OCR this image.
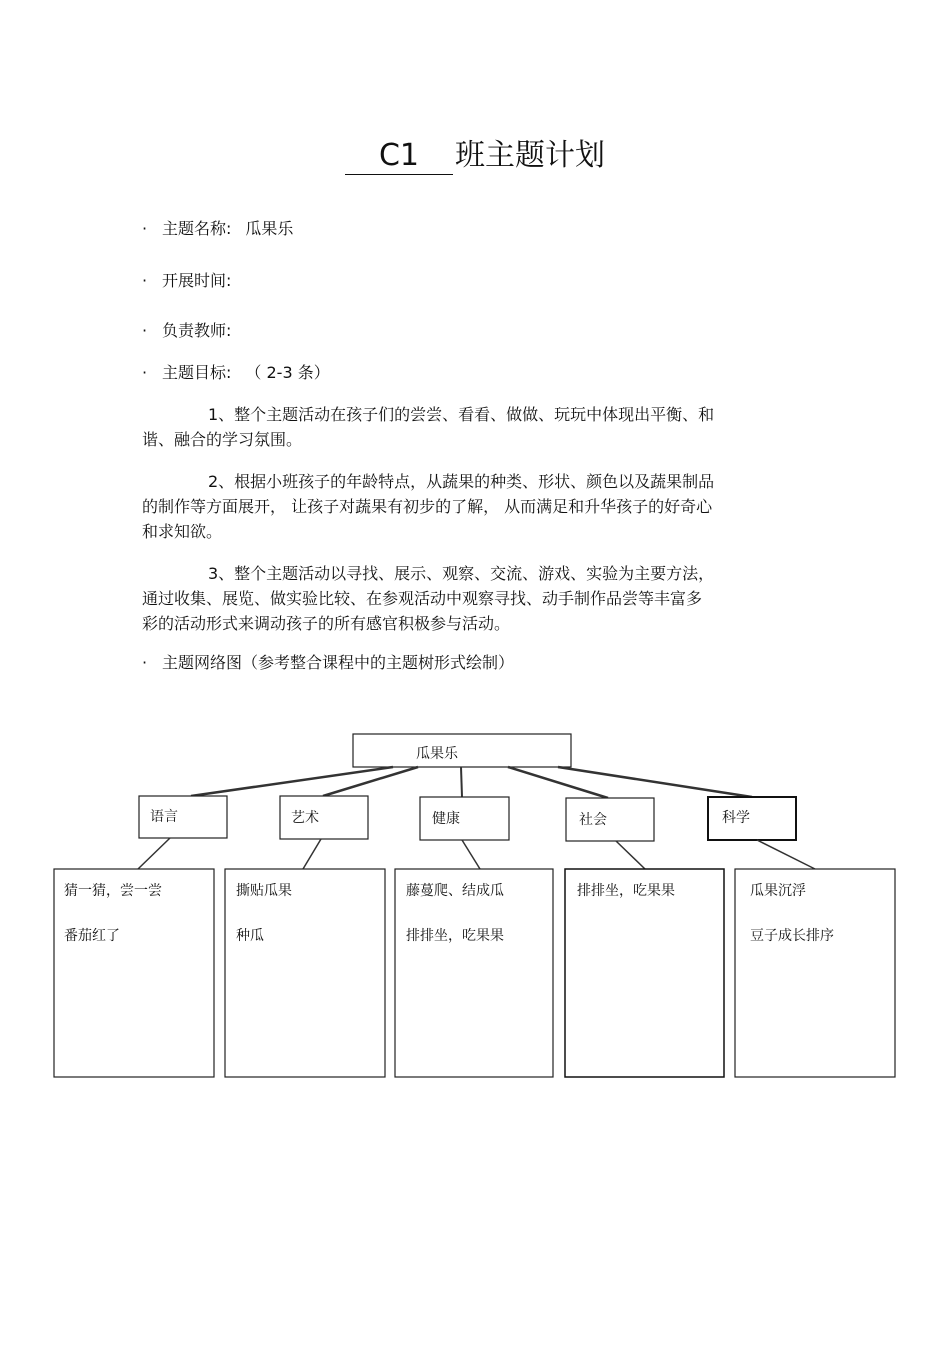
C1 班主题计划
· 主题名称: 瓜果乐
· 开展时间:
· 负责教师:
· 主题目标: （ 2-3 条）
1、整个主题活动在孩子们的尝尝、看看、做做、玩玩中体现出平衡、和
谐、融合的学习氛围。
2、根据小班孩子的年龄特点，从蔬果的种类、形状、颜色以及蔬果制品
的制作等方面展开， 让孩子对蔬果有初步的了解， 从而满足和升华孩子的好奇心
和求知欲。
3、整个主题活动以寻找、展示、观察、交流、游戏、实验为主要方法，
通过收集、展览、做实验比较、在参观活动中观察寻找、动手制作品尝等丰富多
彩的活动形式来调动孩子的所有感官积极参与活动。
· 主题网络图（参考整合课程中的主题树形式绘制）
瓜果乐
语言	艺术	健康	社会	科学
猜一猜，尝一尝
番茄红了
撕贴瓜果
种瓜
藤蔓爬、结成瓜
排排坐，吃果果
排排坐，吃果果	瓜果沉浮
豆子成长排序
